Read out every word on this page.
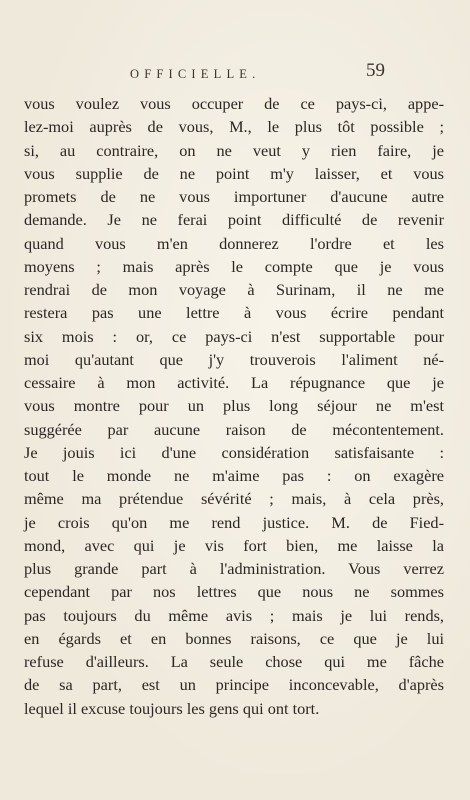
OFFICIELLE.	59
vous voulez vous occuper de ce pays-ci, appe-
lez-moi auprès de vous, M., le plus tôt possible ;
si, au contraire, on ne veut y rien faire, je
vous supplie de ne point m'y laisser, et vous
promets de ne vous importuner d'aucune autre
demande. Je ne ferai point difficulté de revenir
quand vous m'en donnerez l'ordre et les
moyens ; mais après le compte que je vous
rendrai de mon voyage à Surinam, il ne me
restera pas une lettre à vous écrire pendant
six mois : or, ce pays-ci n'est supportable pour
moi qu'autant que j'y trouverois l'aliment né-
cessaire à mon activité. La répugnance que je
vous montre pour un plus long séjour ne m'est
suggérée par aucune raison de mécontentement.
Je jouis ici d'une considération satisfaisante :
tout le monde ne m'aime pas : on exagère
même ma prétendue sévérité ; mais, à cela près,
je crois qu'on me rend justice. M. de Fied-
mond, avec qui je vis fort bien, me laisse la
plus grande part à l'administration. Vous verrez
cependant par nos lettres que nous ne sommes
pas toujours du même avis ; mais je lui rends,
en égards et en bonnes raisons, ce que je lui
refuse d'ailleurs. La seule chose qui me fâche
de sa part, est un principe inconcevable, d'après
lequel il excuse toujours les gens qui ont tort.
